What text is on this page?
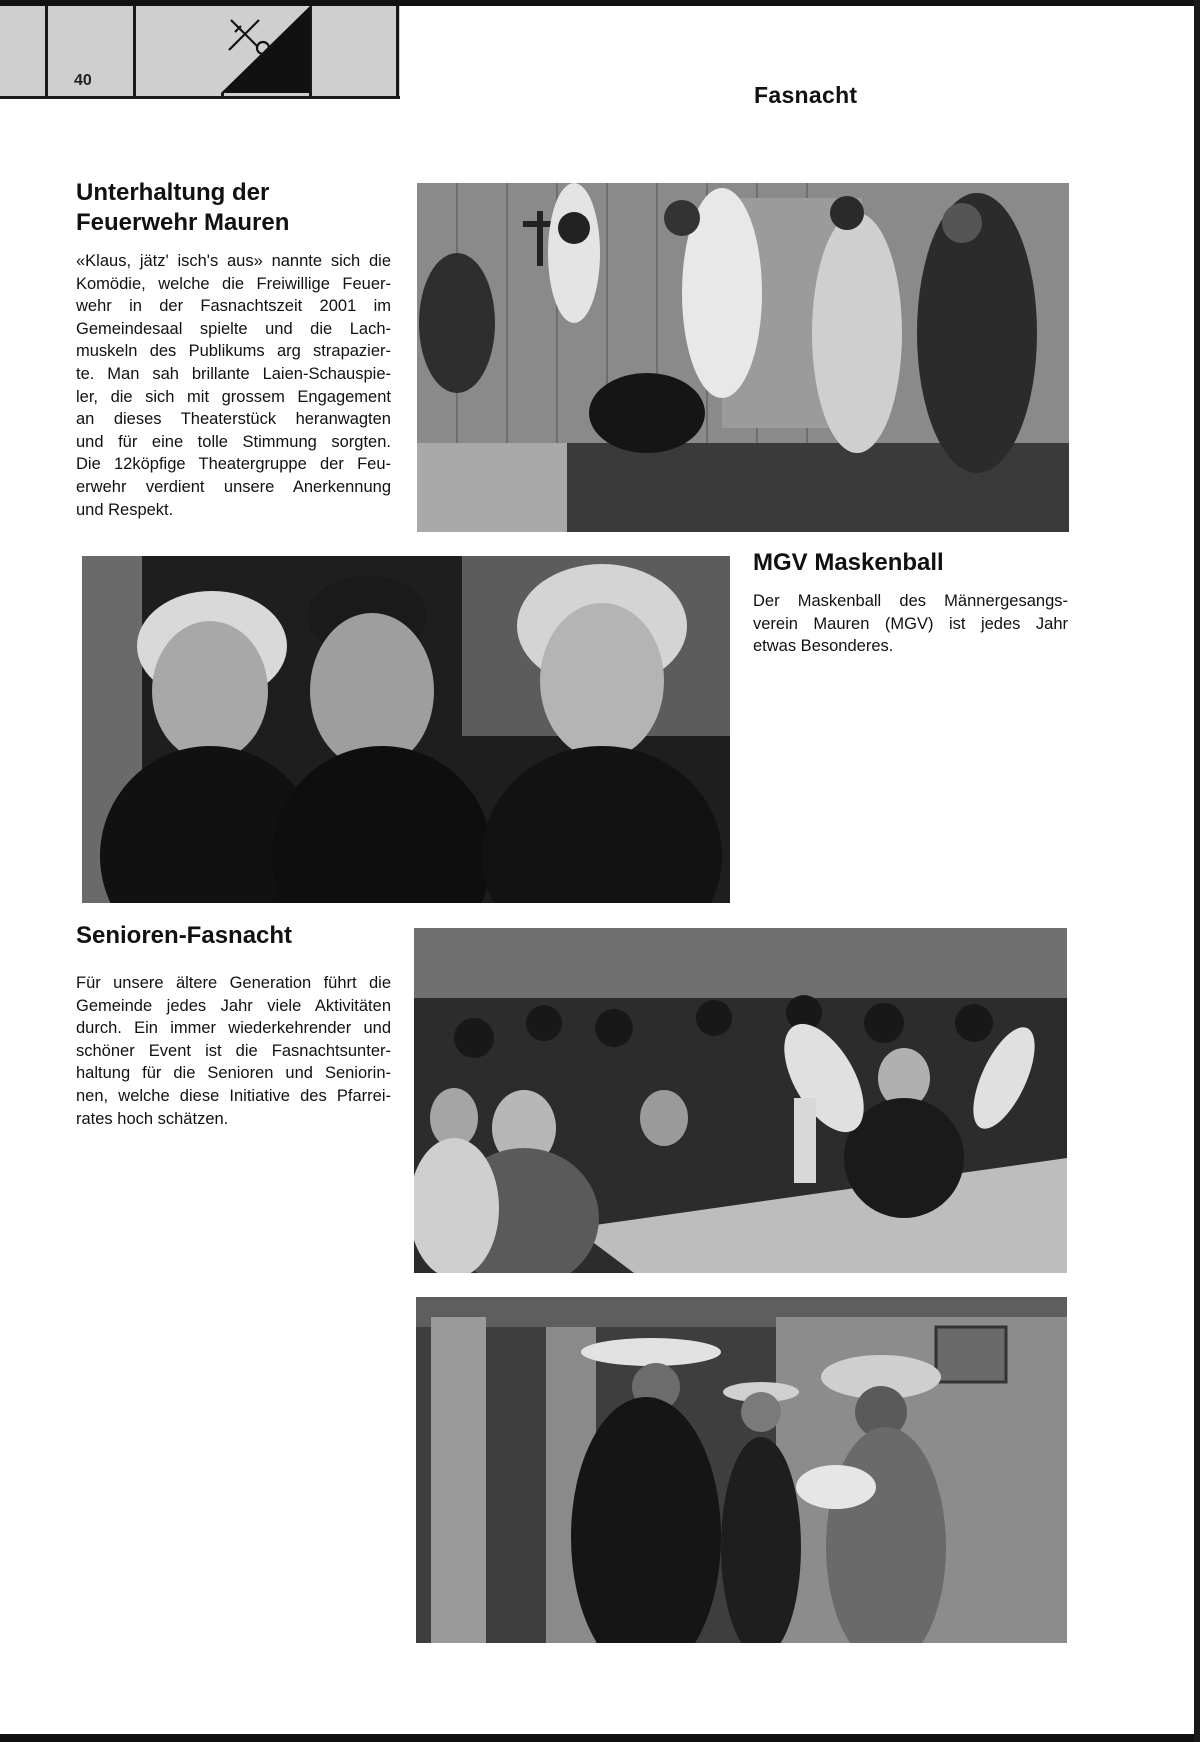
40
Fasnacht
Unterhaltung der
Feuerwehr Mauren
«Klaus, jätz' isch's aus» nannte sich die
Komödie, welche die Freiwillige Feuer-
wehr in der Fasnachtszeit 2001 im
Gemeindesaal spielte und die Lach-
muskeln des Publikums arg strapazier-
te. Man sah brillante Laien-Schauspie-
ler, die sich mit grossem Engagement
an dieses Theaterstück heranwagten
und für eine tolle Stimmung sorgten.
Die 12köpfige Theatergruppe der Feu-
erwehr verdient unsere Anerkennung
und Respekt.
MGV Maskenball
Der Maskenball des Männergesangs-
verein Mauren (MGV) ist jedes Jahr
etwas Besonderes.
Senioren-Fasnacht
Für unsere ältere Generation führt die
Gemeinde jedes Jahr viele Aktivitäten
durch. Ein immer wiederkehrender und
schöner Event ist die Fasnachtsunter-
haltung für die Senioren und Seniorin-
nen, welche diese Initiative des Pfarrei-
rates hoch schätzen.
